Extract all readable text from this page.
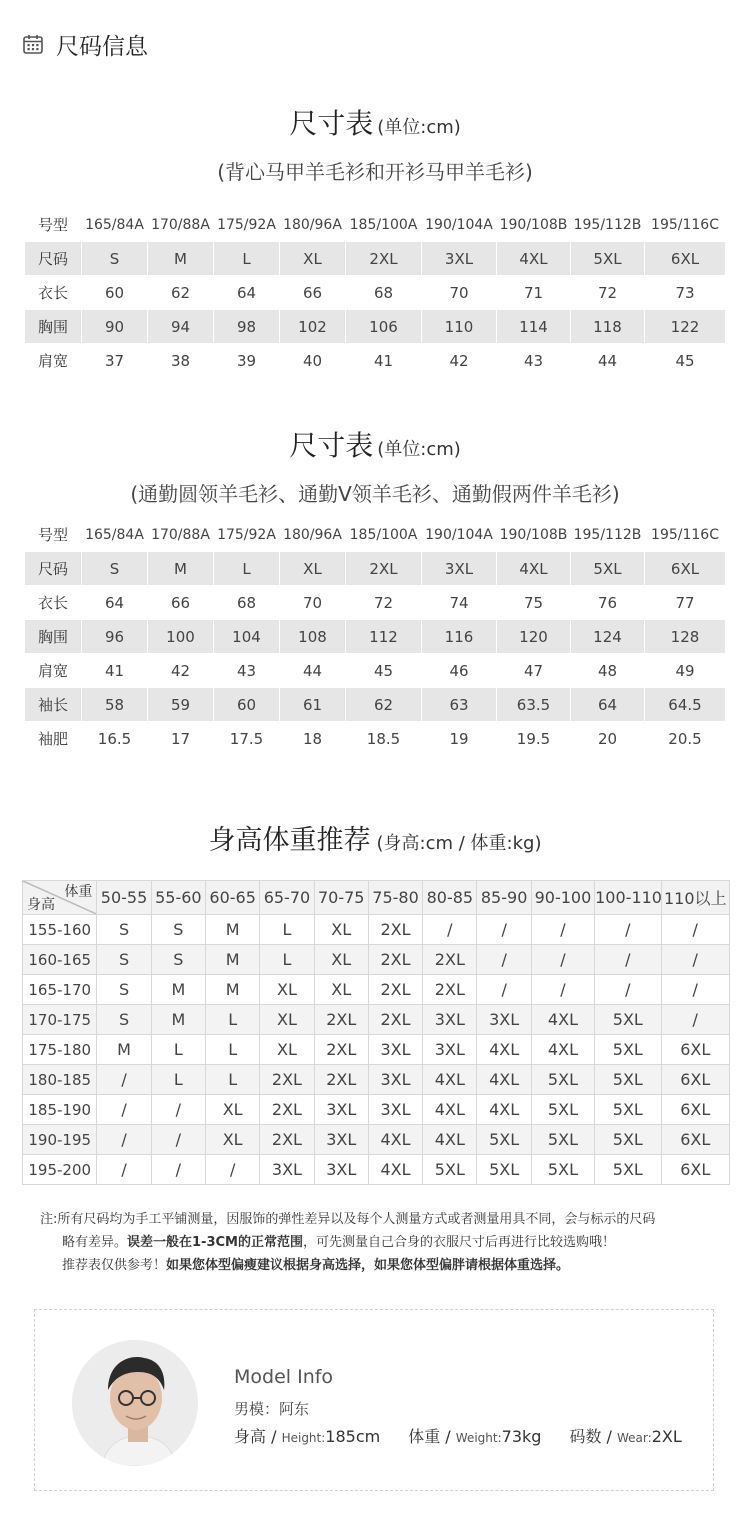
尺码信息
尺寸表 (单位:cm)
(背心马甲羊毛衫和开衫马甲羊毛衫)
号型	165/84A	170/88A	175/92A	180/96A	185/100A	190/104A	190/108B	195/112B	195/116C
尺码	S	M	L	XL	2XL	3XL	4XL	5XL	6XL
衣长	60	62	64	66	68	70	71	72	73
胸围	90	94	98	102	106	110	114	118	122
肩宽	37	38	39	40	41	42	43	44	45
尺寸表 (单位:cm)
(通勤圆领羊毛衫、通勤V领羊毛衫、通勤假两件羊毛衫)
号型	165/84A	170/88A	175/92A	180/96A	185/100A	190/104A	190/108B	195/112B	195/116C
尺码	S	M	L	XL	2XL	3XL	4XL	5XL	6XL
衣长	64	66	68	70	72	74	75	76	77
胸围	96	100	104	108	112	116	120	124	128
肩宽	41	42	43	44	45	46	47	48	49
袖长	58	59	60	61	62	63	63.5	64	64.5
袖肥	16.5	17	17.5	18	18.5	19	19.5	20	20.5
身高体重推荐 (身高:cm / 体重:kg)
体重
身高	50-55	55-60	60-65	65-70	70-75	75-80	80-85	85-90	90-100	100-110	110以上
155-160	S	S	M	L	XL	2XL	/	/	/	/	/
160-165	S	S	M	L	XL	2XL	2XL	/	/	/	/
165-170	S	M	M	XL	XL	2XL	2XL	/	/	/	/
170-175	S	M	L	XL	2XL	2XL	3XL	3XL	4XL	5XL	/
175-180	M	L	L	XL	2XL	3XL	3XL	4XL	4XL	5XL	6XL
180-185	/	L	L	2XL	2XL	3XL	4XL	4XL	5XL	5XL	6XL
185-190	/	/	XL	2XL	3XL	3XL	4XL	4XL	5XL	5XL	6XL
190-195	/	/	XL	2XL	3XL	4XL	4XL	5XL	5XL	5XL	6XL
195-200	/	/	/	3XL	3XL	4XL	5XL	5XL	5XL	5XL	6XL
注:所有尺码均为手工平铺测量，因服饰的弹性差异以及每个人测量方式或者测量用具不同，会与标示的尺码
略有差异。误差一般在1-3CM的正常范围，可先测量自己合身的衣服尺寸后再进行比较选购哦！
推荐表仅供参考！如果您体型偏瘦建议根据身高选择，如果您体型偏胖请根据体重选择。
Model Info
男模：阿东
身高 / Height:185cm 体重 / Weight:73kg 码数 / Wear:2XL
